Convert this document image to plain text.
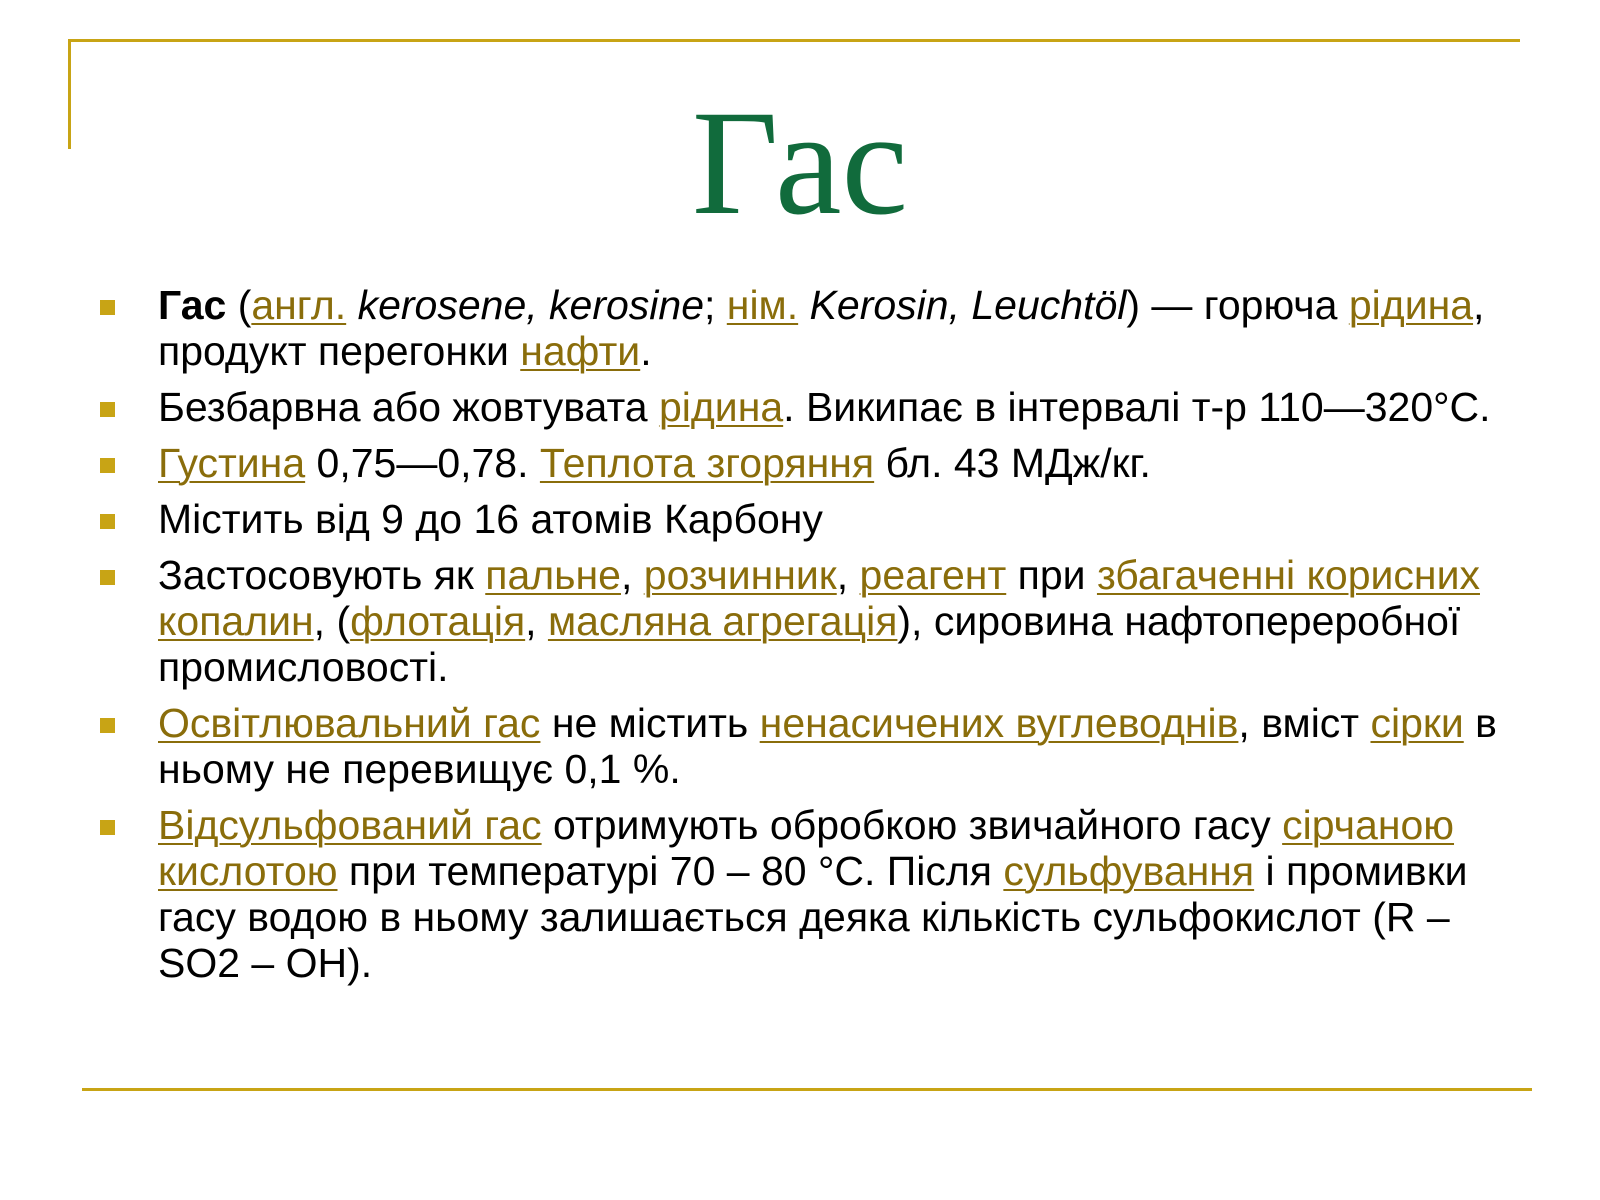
Гас
Гас (англ. kerosene, kerosine; нім. Kerosin, Leuchtöl) — горюча рідина, продукт перегонки нафти.
Безбарвна або жовтувата рідина. Википає в інтервалі т-р 110—320°С.
Густина 0,75—0,78. Теплота згоряння бл. 43 МДж/кг.
Містить від 9 до 16 атомів Карбону
Застосовують як пальне, розчинник, реагент при збагаченні корисних копалин, (флотація, масляна агрегація), сировина нафтопереробної промисловості.
Освітлювальний гас не містить ненасичених вуглеводнів, вміст сірки в ньому не перевищує 0,1 %.
Відсульфований гас отримують обробкою звичайного гасу сірчаною кислотою при температурі 70 – 80 °С. Після сульфування і промивки гасу водою в ньому залишається деяка кількість сульфокислот (R – SO2 – OH).
